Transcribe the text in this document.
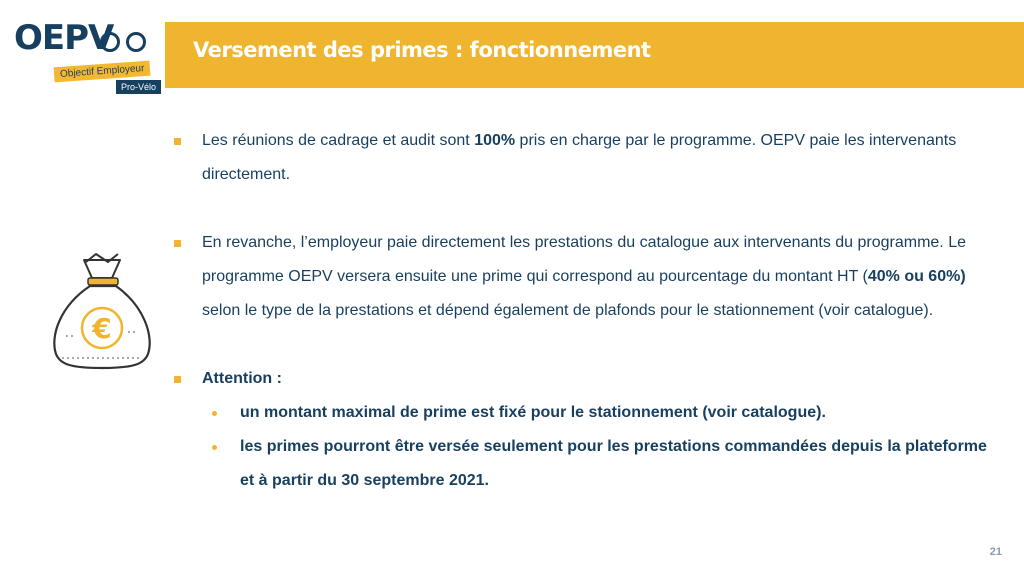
OEPV
Objectif Employeur
Pro-Vélo
Versement des primes : fonctionnement
€

Les réunions de cadrage et audit sont 100% pris en charge par le programme. OEPV paie les intervenants directement.

En revanche, l’employeur paie directement les prestations du catalogue aux intervenants du programme. Le programme OEPV versera ensuite une prime qui correspond au pourcentage du montant HT (40% ou 60%) selon le type de la prestations et dépend également de plafonds pour le stationnement (voir catalogue).

Attention :

un montant maximal de prime est fixé pour le stationnement (voir catalogue).

les primes pourront être versée seulement pour les prestations commandées depuis la plateforme et à partir du 30 septembre 2021.

21
